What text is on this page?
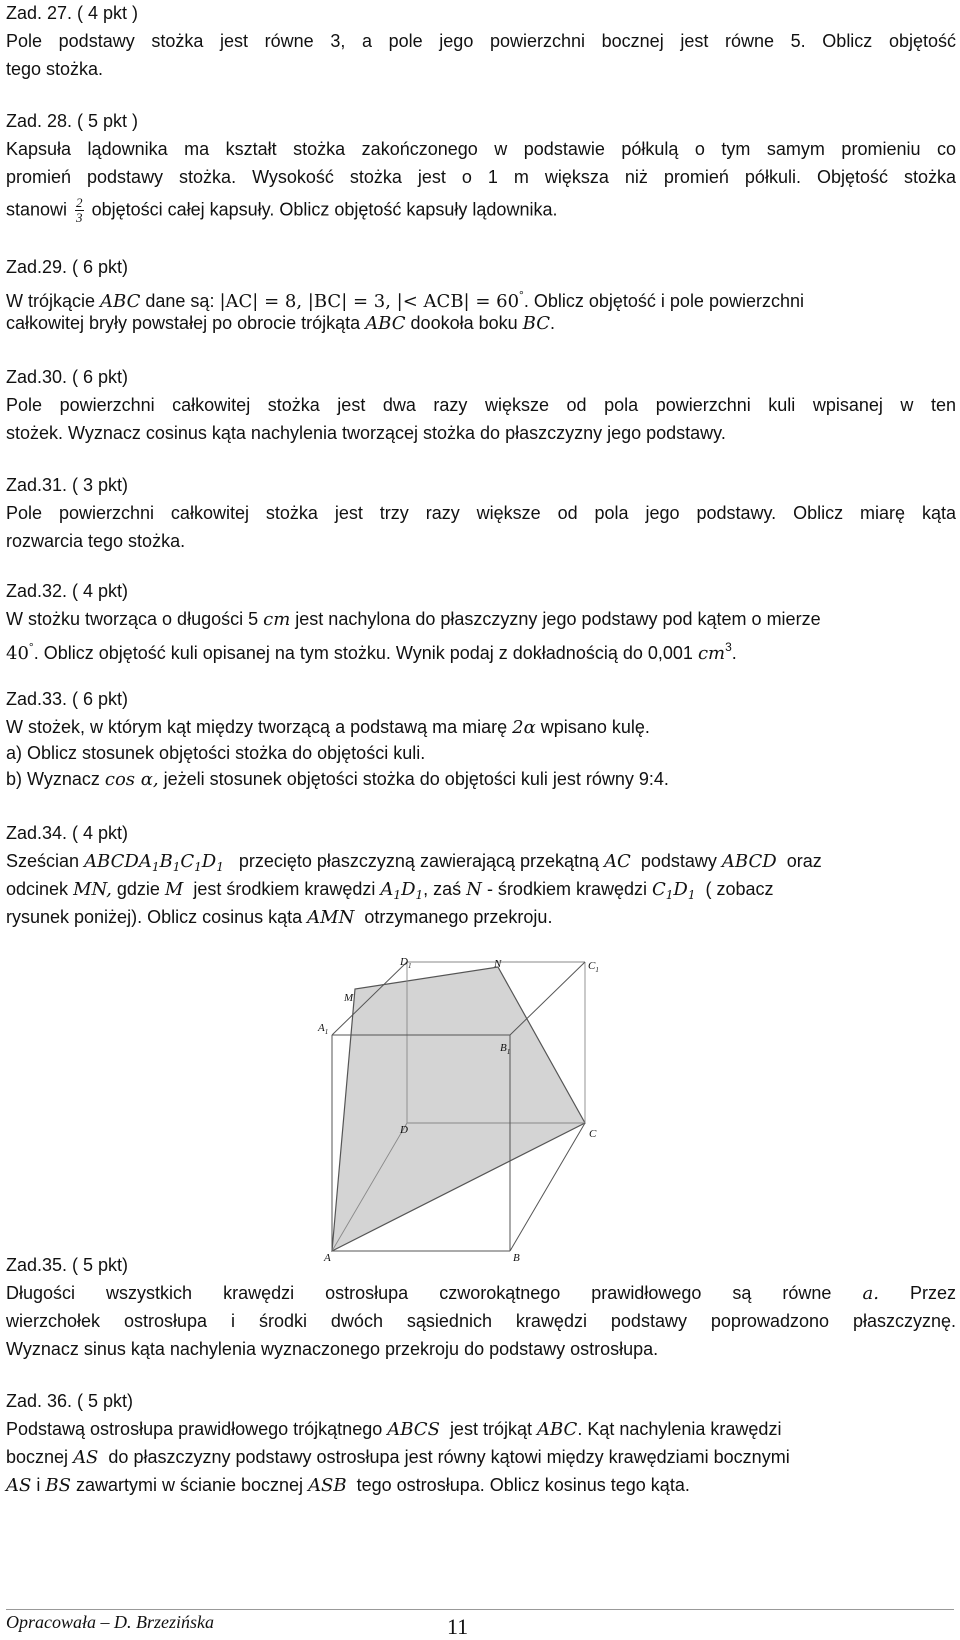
Zad. 27. ( 4 pkt )
Pole podstawy stożka jest równe 3, a pole jego powierzchni bocznej jest równe 5. Oblicz objętość
tego stożka.
Zad. 28. ( 5 pkt )
Kapsuła lądownika ma kształt stożka zakończonego w podstawie półkulą o tym samym promieniu co
promień podstawy stożka. Wysokość stożka jest o 1 m większa niż promień półkuli. Objętość stożka
stanowi $\frac{2}{3}$ objętości całej kapsuły. Oblicz objętość kapsuły lądownika.
Zad.29. ( 6 pkt)
W trójkącie ABC dane są: |AC| = 8, |BC| = 3, |< ACB| = 60°. Oblicz objętość i pole powierzchni
całkowitej bryły powstałej po obrocie trójkąta ABC dookoła boku BC.
Zad.30. ( 6 pkt)
Pole powierzchni całkowitej stożka jest dwa razy większe od pola powierzchni kuli wpisanej w ten
stożek. Wyznacz cosinus kąta nachylenia tworzącej stożka do płaszczyzny jego podstawy.
Zad.31. ( 3 pkt)
Pole powierzchni całkowitej stożka jest trzy razy większe od pola jego podstawy. Oblicz miarę kąta
rozwarcia tego stożka.
Zad.32. ( 4 pkt)
W stożku tworząca o długości 5 cm jest nachylona do płaszczyzny jego podstawy pod kątem o mierze
40°. Oblicz objętość kuli opisanej na tym stożku. Wynik podaj z dokładnością do 0,001 $cm^3$.
Zad.33. ( 6 pkt)
W stożek, w którym kąt między tworzącą a podstawą ma miarę 2α wpisano kulę.
a) Oblicz stosunek objętości stożka do objętości kuli.
b) Wyznacz cos α, jeżeli stosunek objętości stożka do objętości kuli jest równy 9:4.
Zad.34. ( 4 pkt)
Sześcian $ABCDA_1B_1C_1D_1$ przecięto płaszczyzną zawierającą przekątną AC podstawy ABCD oraz
odcinek MN, gdzie M jest środkiem krawędzi $A_1D_1$, zaś N - środkiem krawędzi $C_1D_1$ ( zobacz
rysunek poniżej). Oblicz cosinus kąta AMN otrzymanego przekroju.
$D_1$	N	$C_1$
M
$A_1$
$B_1$
D	C
A	B
Zad.35. ( 5 pkt)
Długości wszystkich krawędzi ostrosłupa czworokątnego prawidłowego są równe a. Przez
wierzchołek ostrosłupa i środki dwóch sąsiednich krawędzi podstawy poprowadzono płaszczyznę.
Wyznacz sinus kąta nachylenia wyznaczonego przekroju do podstawy ostrosłupa.
Zad. 36. ( 5 pkt)
Podstawą ostrosłupa prawidłowego trójkątnego ABCS jest trójkąt ABC. Kąt nachylenia krawędzi
bocznej AS do płaszczyzny podstawy ostrosłupa jest równy kątowi między krawędziami bocznymi
AS i BS zawartymi w ścianie bocznej ASB tego ostrosłupa. Oblicz kosinus tego kąta.
Opracowała – D. Brzezińska	11
